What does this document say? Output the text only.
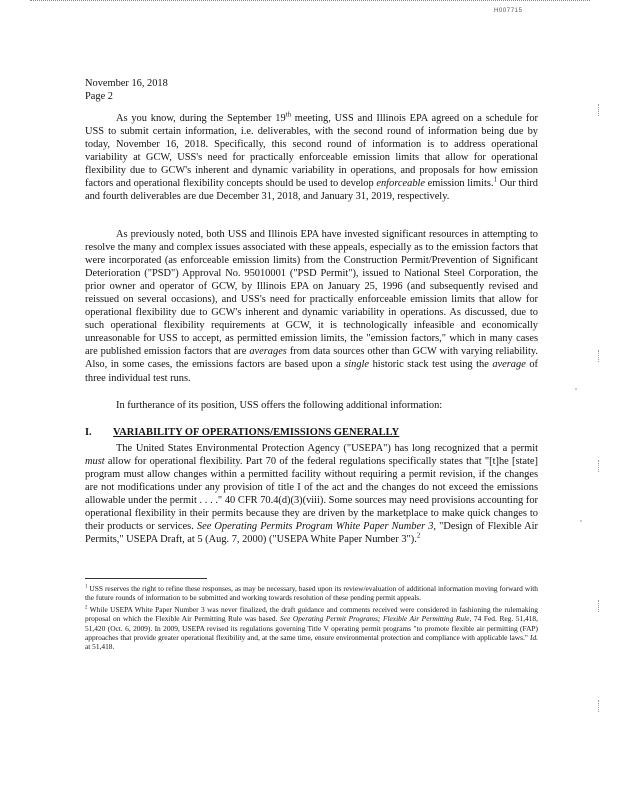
H007715
November 16, 2018
Page 2

As you know, during the September 19th meeting, USS and Illinois EPA agreed on a schedule for USS to submit certain information, i.e. deliverables, with the second round of information being due by today, November 16, 2018. Specifically, this second round of information is to address operational variability at GCW, USS's need for practically enforceable emission limits that allow for operational flexibility due to GCW's inherent and dynamic variability in operations, and proposals for how emission factors and operational flexibility concepts should be used to develop enforceable emission limits.$^1$ Our third and fourth deliverables are due December 31, 2018, and January 31, 2019, respectively.

As previously noted, both USS and Illinois EPA have invested significant resources in attempting to resolve the many and complex issues associated with these appeals, especially as to the emission factors that were incorporated (as enforceable emission limits) from the Construction Permit/Prevention of Significant Deterioration ("PSD") Approval No. 95010001 ("PSD Permit"), issued to National Steel Corporation, the prior owner and operator of GCW, by Illinois EPA on January 25, 1996 (and subsequently revised and reissued on several occasions), and USS's need for practically enforceable emission limits that allow for operational flexibility due to GCW's inherent and dynamic variability in operations. As discussed, due to such operational flexibility requirements at GCW, it is technologically infeasible and economically unreasonable for USS to accept, as permitted emission limits, the "emission factors," which in many cases are published emission factors that are averages from data sources other than GCW with varying reliability. Also, in some cases, the emissions factors are based upon a single historic stack test using the average of three individual test runs.

In furtherance of its position, USS offers the following additional information:

I. VARIABILITY OF OPERATIONS/EMISSIONS GENERALLY

The United States Environmental Protection Agency ("USEPA") has long recognized that a permit must allow for operational flexibility. Part 70 of the federal regulations specifically states that "[t]he [state] program must allow changes within a permitted facility without requiring a permit revision, if the changes are not modifications under any provision of title I of the act and the changes do not exceed the emissions allowable under the permit . . . ." 40 CFR 70.4(d)(3)(viii). Some sources may need provisions accounting for operational flexibility in their permits because they are driven by the marketplace to make quick changes to their products or services. See Operating Permits Program White Paper Number 3, "Design of Flexible Air Permits," USEPA Draft, at 5 (Aug. 7, 2000) ("USEPA White Paper Number 3").$^2$

$^1$ USS reserves the right to refine these responses, as may be necessary, based upon its review/evaluation of additional information moving forward with the future rounds of information to be submitted and working towards resolution of these pending permit appeals.

$^2$ While USEPA White Paper Number 3 was never finalized, the draft guidance and comments received were considered in fashioning the rulemaking proposal on which the Flexible Air Permitting Rule was based. See Operating Permit Programs; Flexible Air Permitting Rule, 74 Fed. Reg. 51,418, 51,420 (Oct. 6, 2009). In 2009, USEPA revised its regulations governing Title V operating permit programs "to promote flexible air permitting (FAP) approaches that provide greater operational flexibility and, at the same time, ensure environmental protection and compliance with applicable laws." Id. at 51,418.
